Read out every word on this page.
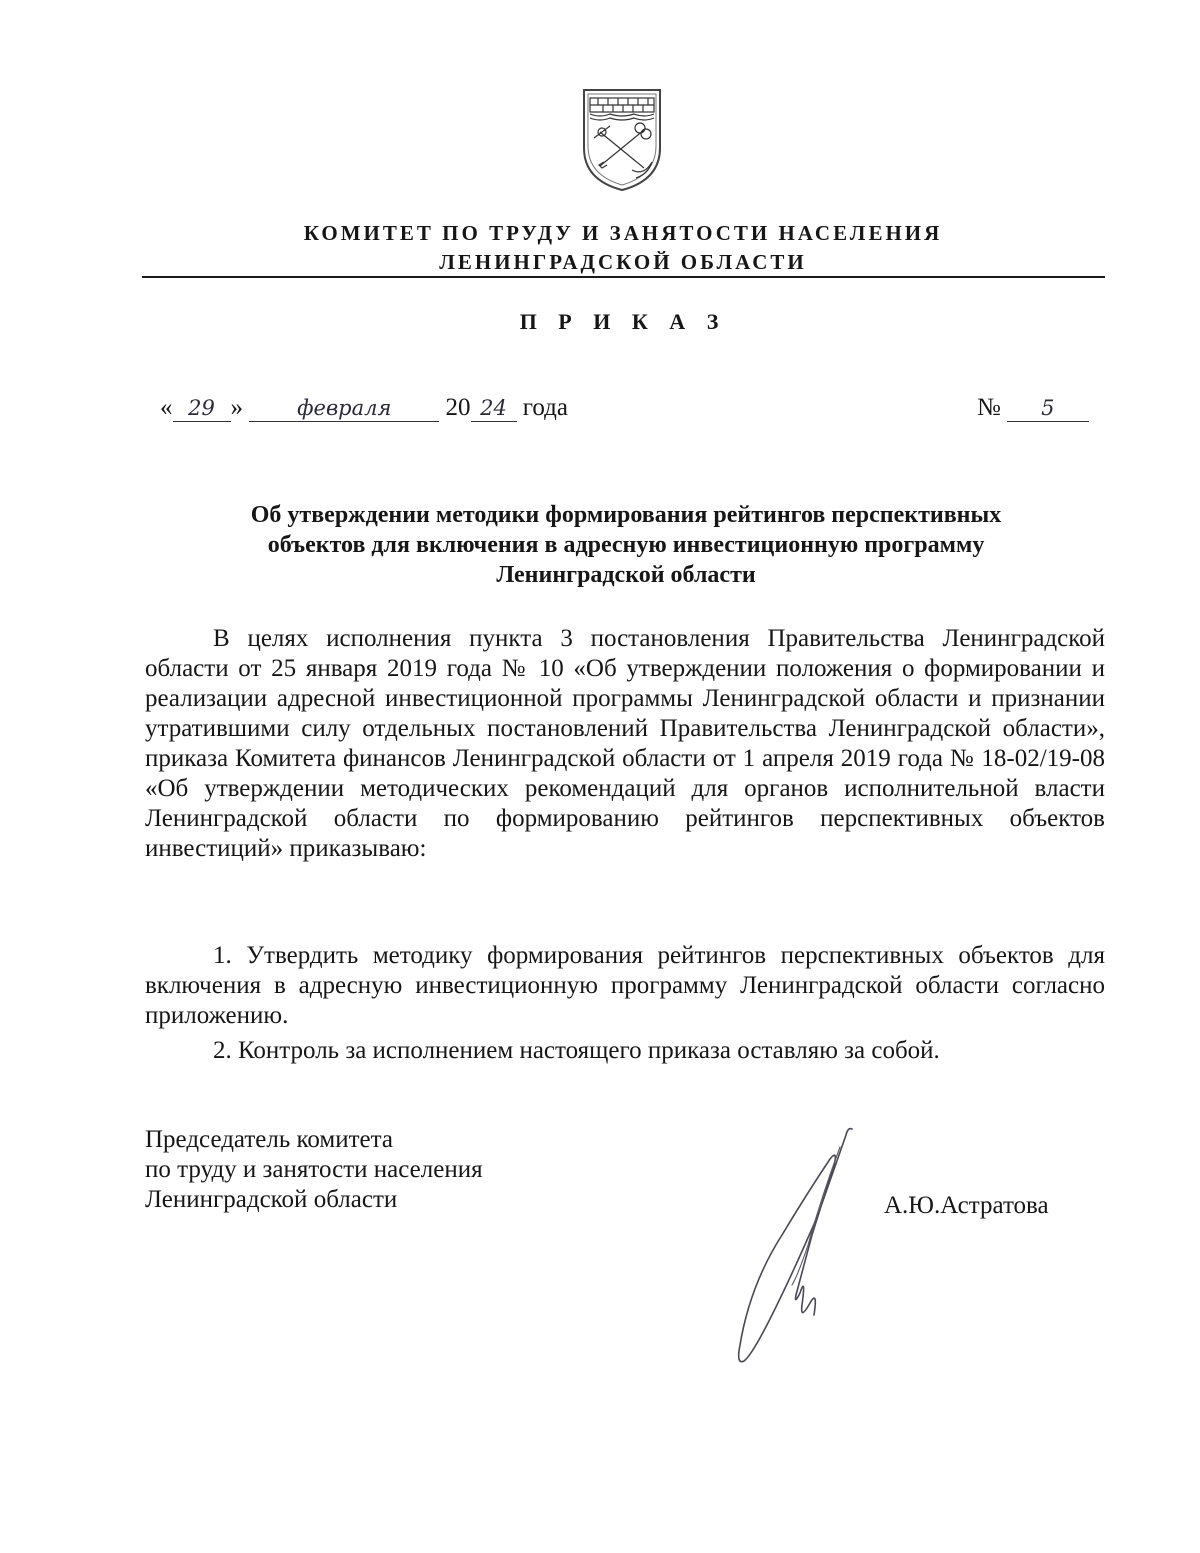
КОМИТЕТ ПО ТРУДУ И ЗАНЯТОСТИ НАСЕЛЕНИЯ
ЛЕНИНГРАДСКОЙ ОБЛАСТИ
П Р И К А З
« 29 »	февраля 20 24 года	№ 5
Об утверждении методики формирования рейтингов перспективных
объектов для включения в адресную инвестиционную программу
Ленинградской области

В целях исполнения пункта 3 постановления Правительства Ленинградской области от 25 января 2019 года № 10 «Об утверждении положения о формировании и реализации адресной инвестиционной программы Ленинградской области и признании утратившими силу отдельных постановлений Правительства Ленинградской области», приказа Комитета финансов Ленинградской области от 1 апреля 2019 года № 18-02/19-08 «Об утверждении методических рекомендаций для органов исполнительной власти Ленинградской области по формированию рейтингов перспективных объектов инвестиций» приказываю:

1. Утвердить методику формирования рейтингов перспективных объектов для включения в адресную инвестиционную программу Ленинградской области согласно приложению.

2. Контроль за исполнением настоящего приказа оставляю за собой.

Председатель комитета
по труду и занятости населения
Ленинградской области	А.Ю.Астратова
